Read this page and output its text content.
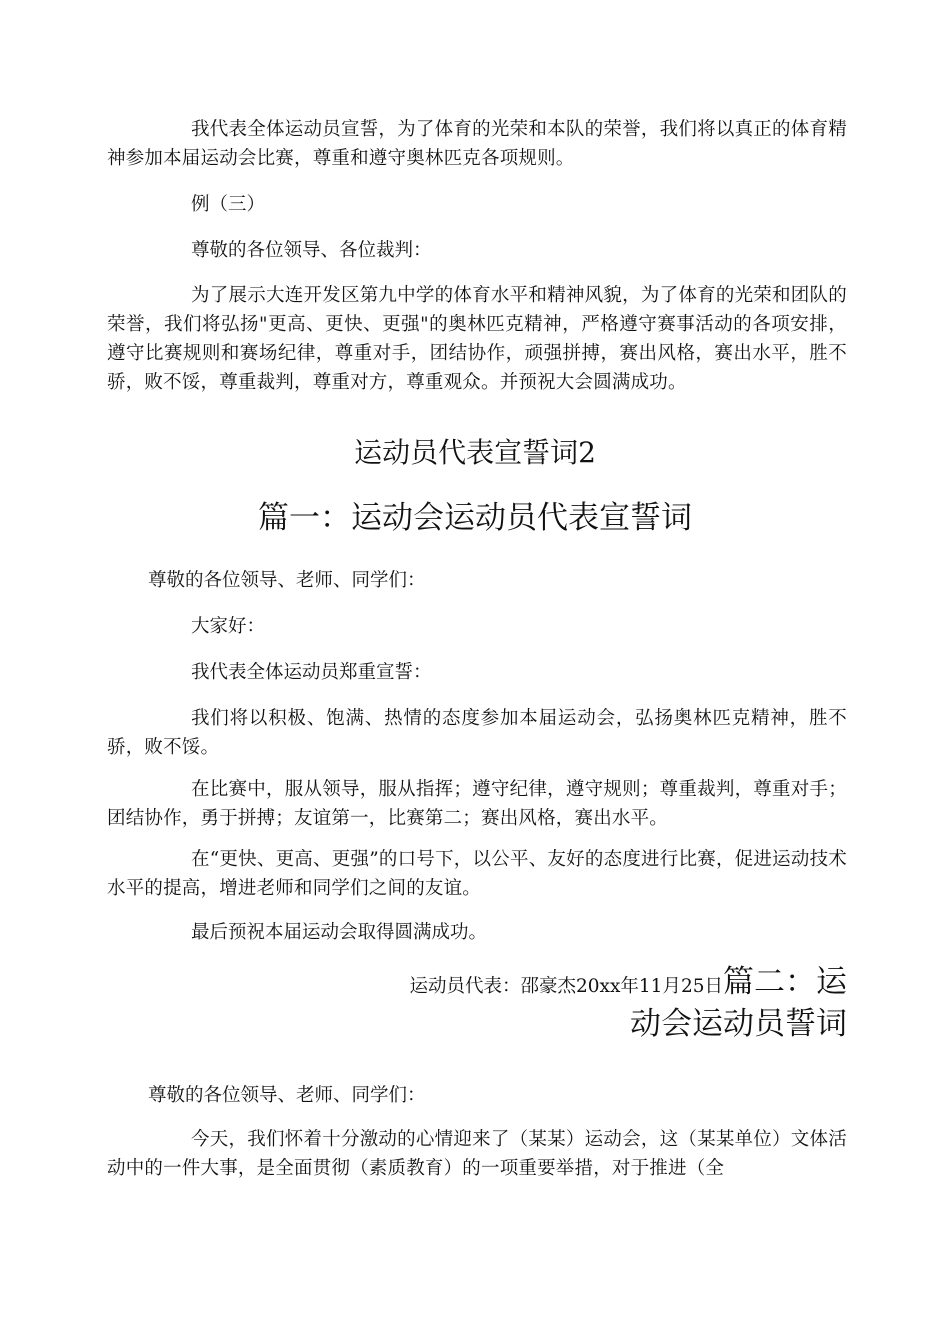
我代表全体运动员宣誓，为了体育的光荣和本队的荣誉，我们将以真正的体育精神参加本届运动会比赛，尊重和遵守奥林匹克各项规则。

例（三）

尊敬的各位领导、各位裁判：

为了展示大连开发区第九中学的体育水平和精神风貌，为了体育的光荣和团队的荣誉，我们将弘扬"更高、更快、更强"的奥林匹克精神，严格遵守赛事活动的各项安排，遵守比赛规则和赛场纪律，尊重对手，团结协作，顽强拼搏，赛出风格，赛出水平，胜不骄，败不馁，尊重裁判，尊重对方，尊重观众。并预祝大会圆满成功。

运动员代表宣誓词2
篇一：运动会运动员代表宣誓词

尊敬的各位领导、老师、同学们：

大家好：

我代表全体运动员郑重宣誓：

我们将以积极、饱满、热情的态度参加本届运动会，弘扬奥林匹克精神，胜不骄，败不馁。

在比赛中，服从领导，服从指挥；遵守纪律，遵守规则；尊重裁判，尊重对手；团结协作，勇于拼搏；友谊第一，比赛第二；赛出风格，赛出水平。

在“更快、更高、更强”的口号下，以公平、友好的态度进行比赛，促进运动技术水平的提高，增进老师和同学们之间的友谊。

最后预祝本届运动会取得圆满成功。

运动员代表：邵豪杰20xx年11月25日篇二：运

动会运动员誓词

尊敬的各位领导、老师、同学们：

今天，我们怀着十分激动的心情迎来了（某某）运动会，这（某某单位）文体活动中的一件大事，是全面贯彻（素质教育）的一项重要举措，对于推进（全
